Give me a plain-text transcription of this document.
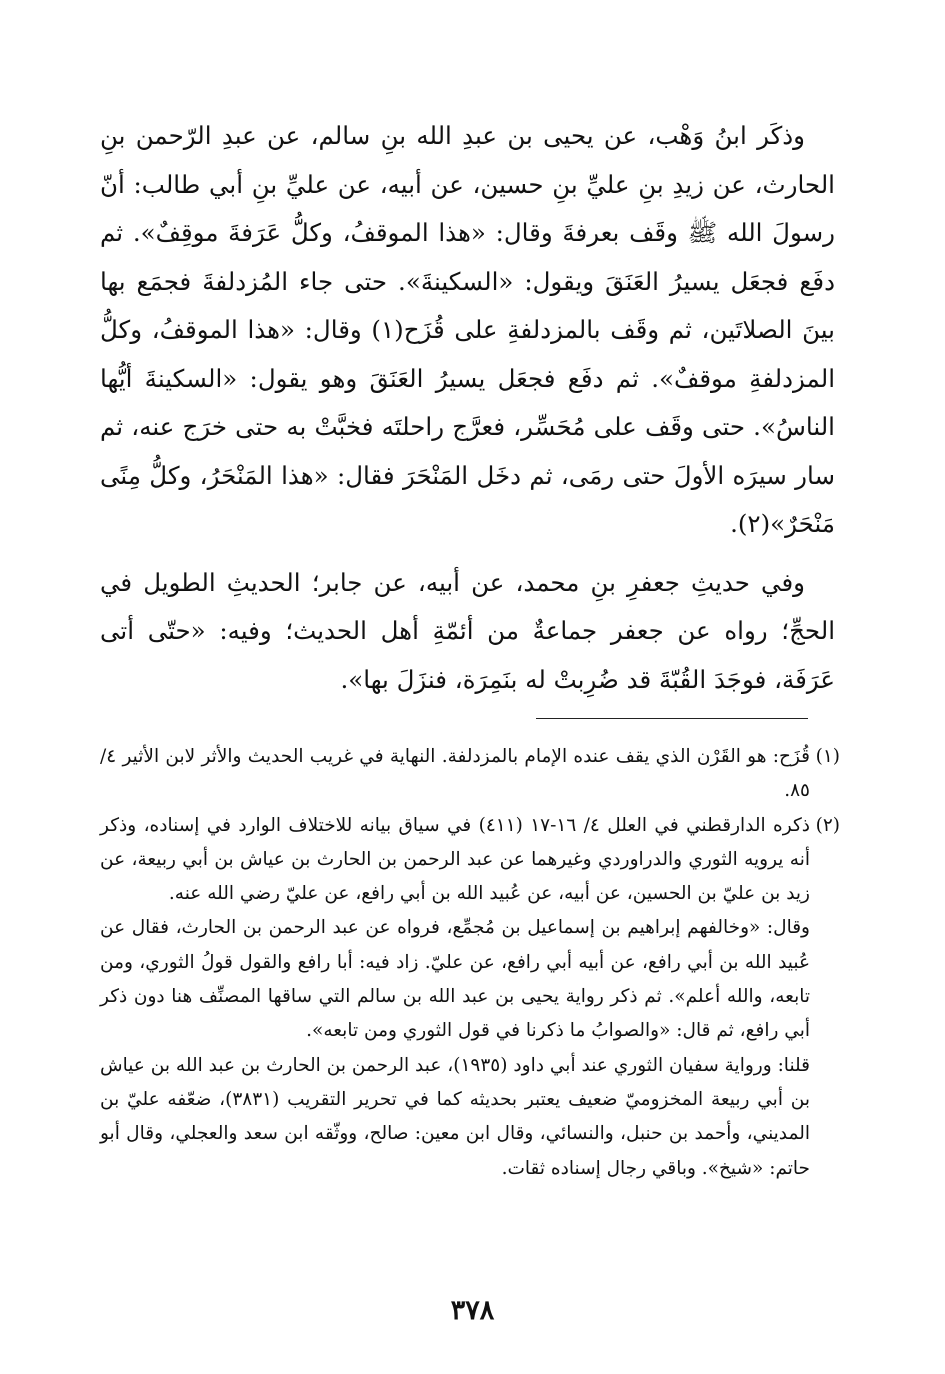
وذكَر ابنُ وَهْب، عن يحيى بن عبدِ الله بنِ سالم، عن عبدِ الرّحمن بنِ الحارث، عن زيدِ بنِ عليِّ بنِ حسين، عن أبيه، عن عليِّ بنِ أبي طالب: أنّ رسولَ الله ﷺ وقَف بعرفةَ وقال: «هذا الموقفُ، وكلُّ عَرَفةَ موقِفٌ». ثم دفَع فجعَل يسيرُ العَنَقَ ويقول: «السكينةَ». حتى جاء المُزدلفةَ فجمَع بها بينَ الصلاتَين، ثم وقَف بالمزدلفةِ على قُزَح(١) وقال: «هذا الموقفُ، وكلُّ المزدلفةِ موقفٌ». ثم دفَع فجعَل يسيرُ العَنَقَ وهو يقول: «السكينةَ أيُّها الناسُ». حتى وقَف على مُحَسِّر، فعرَّج راحلتَه فخبَّتْ به حتى خرَج عنه، ثم سار سيرَه الأولَ حتى رمَى، ثم دخَل المَنْحَرَ فقال: «هذا المَنْحَرُ، وكلُّ مِنًى مَنْحَرٌ»(٢).

وفي حديثِ جعفرِ بنِ محمد، عن أبيه، عن جابر؛ الحديثِ الطويل في الحجِّ؛ رواه عن جعفر جماعةٌ من أئمّةِ أهل الحديث؛ وفيه: «حتّى أتى عَرَفَة، فوجَدَ القُبّةَ قد ضُرِبتْ له بنَمِرَة، فنزَلَ بها».

(١)
قُزَح: هو القَرْن الذي يقف عنده الإمام بالمزدلفة. النهاية في غريب الحديث والأثر لابن الأثير ٤/ ٨٥.
(٢)
ذكره الدارقطني في العلل ٤/ ١٦-١٧ (٤١١) في سياق بيانه للاختلاف الوارد في إسناده، وذكر أنه يرويه الثوري والدراوردي وغيرهما عن عبد الرحمن بن الحارث بن عياش بن أبي ربيعة، عن زيد بن عليّ بن الحسين، عن أبيه، عن عُبيد الله بن أبي رافع، عن عليّ رضي الله عنه.

وقال: «وخالفهم إبراهيم بن إسماعيل بن مُجمِّع، فرواه عن عبد الرحمن بن الحارث، فقال عن عُبيد الله بن أبي رافع، عن أبيه أبي رافع، عن عليّ. زاد فيه: أبا رافع والقول قولُ الثوري، ومن تابعه، والله أعلم». ثم ذكر رواية يحيى بن عبد الله بن سالم التي ساقها المصنِّف هنا دون ذكر أبي رافع، ثم قال: «والصوابُ ما ذكرنا في قول الثوري ومن تابعه».

قلنا: ورواية سفيان الثوري عند أبي داود (١٩٣٥)، عبد الرحمن بن الحارث بن عبد الله بن عياش بن أبي ربيعة المخزوميّ ضعيف يعتبر بحديثه كما في تحرير التقريب (٣٨٣١)، ضعّفه عليّ بن المديني، وأحمد بن حنبل، والنسائي، وقال ابن معين: صالح، ووثّقه ابن سعد والعجلي، وقال أبو حاتم: «شيخ». وباقي رجال إسناده ثقات.

٣٧٨
